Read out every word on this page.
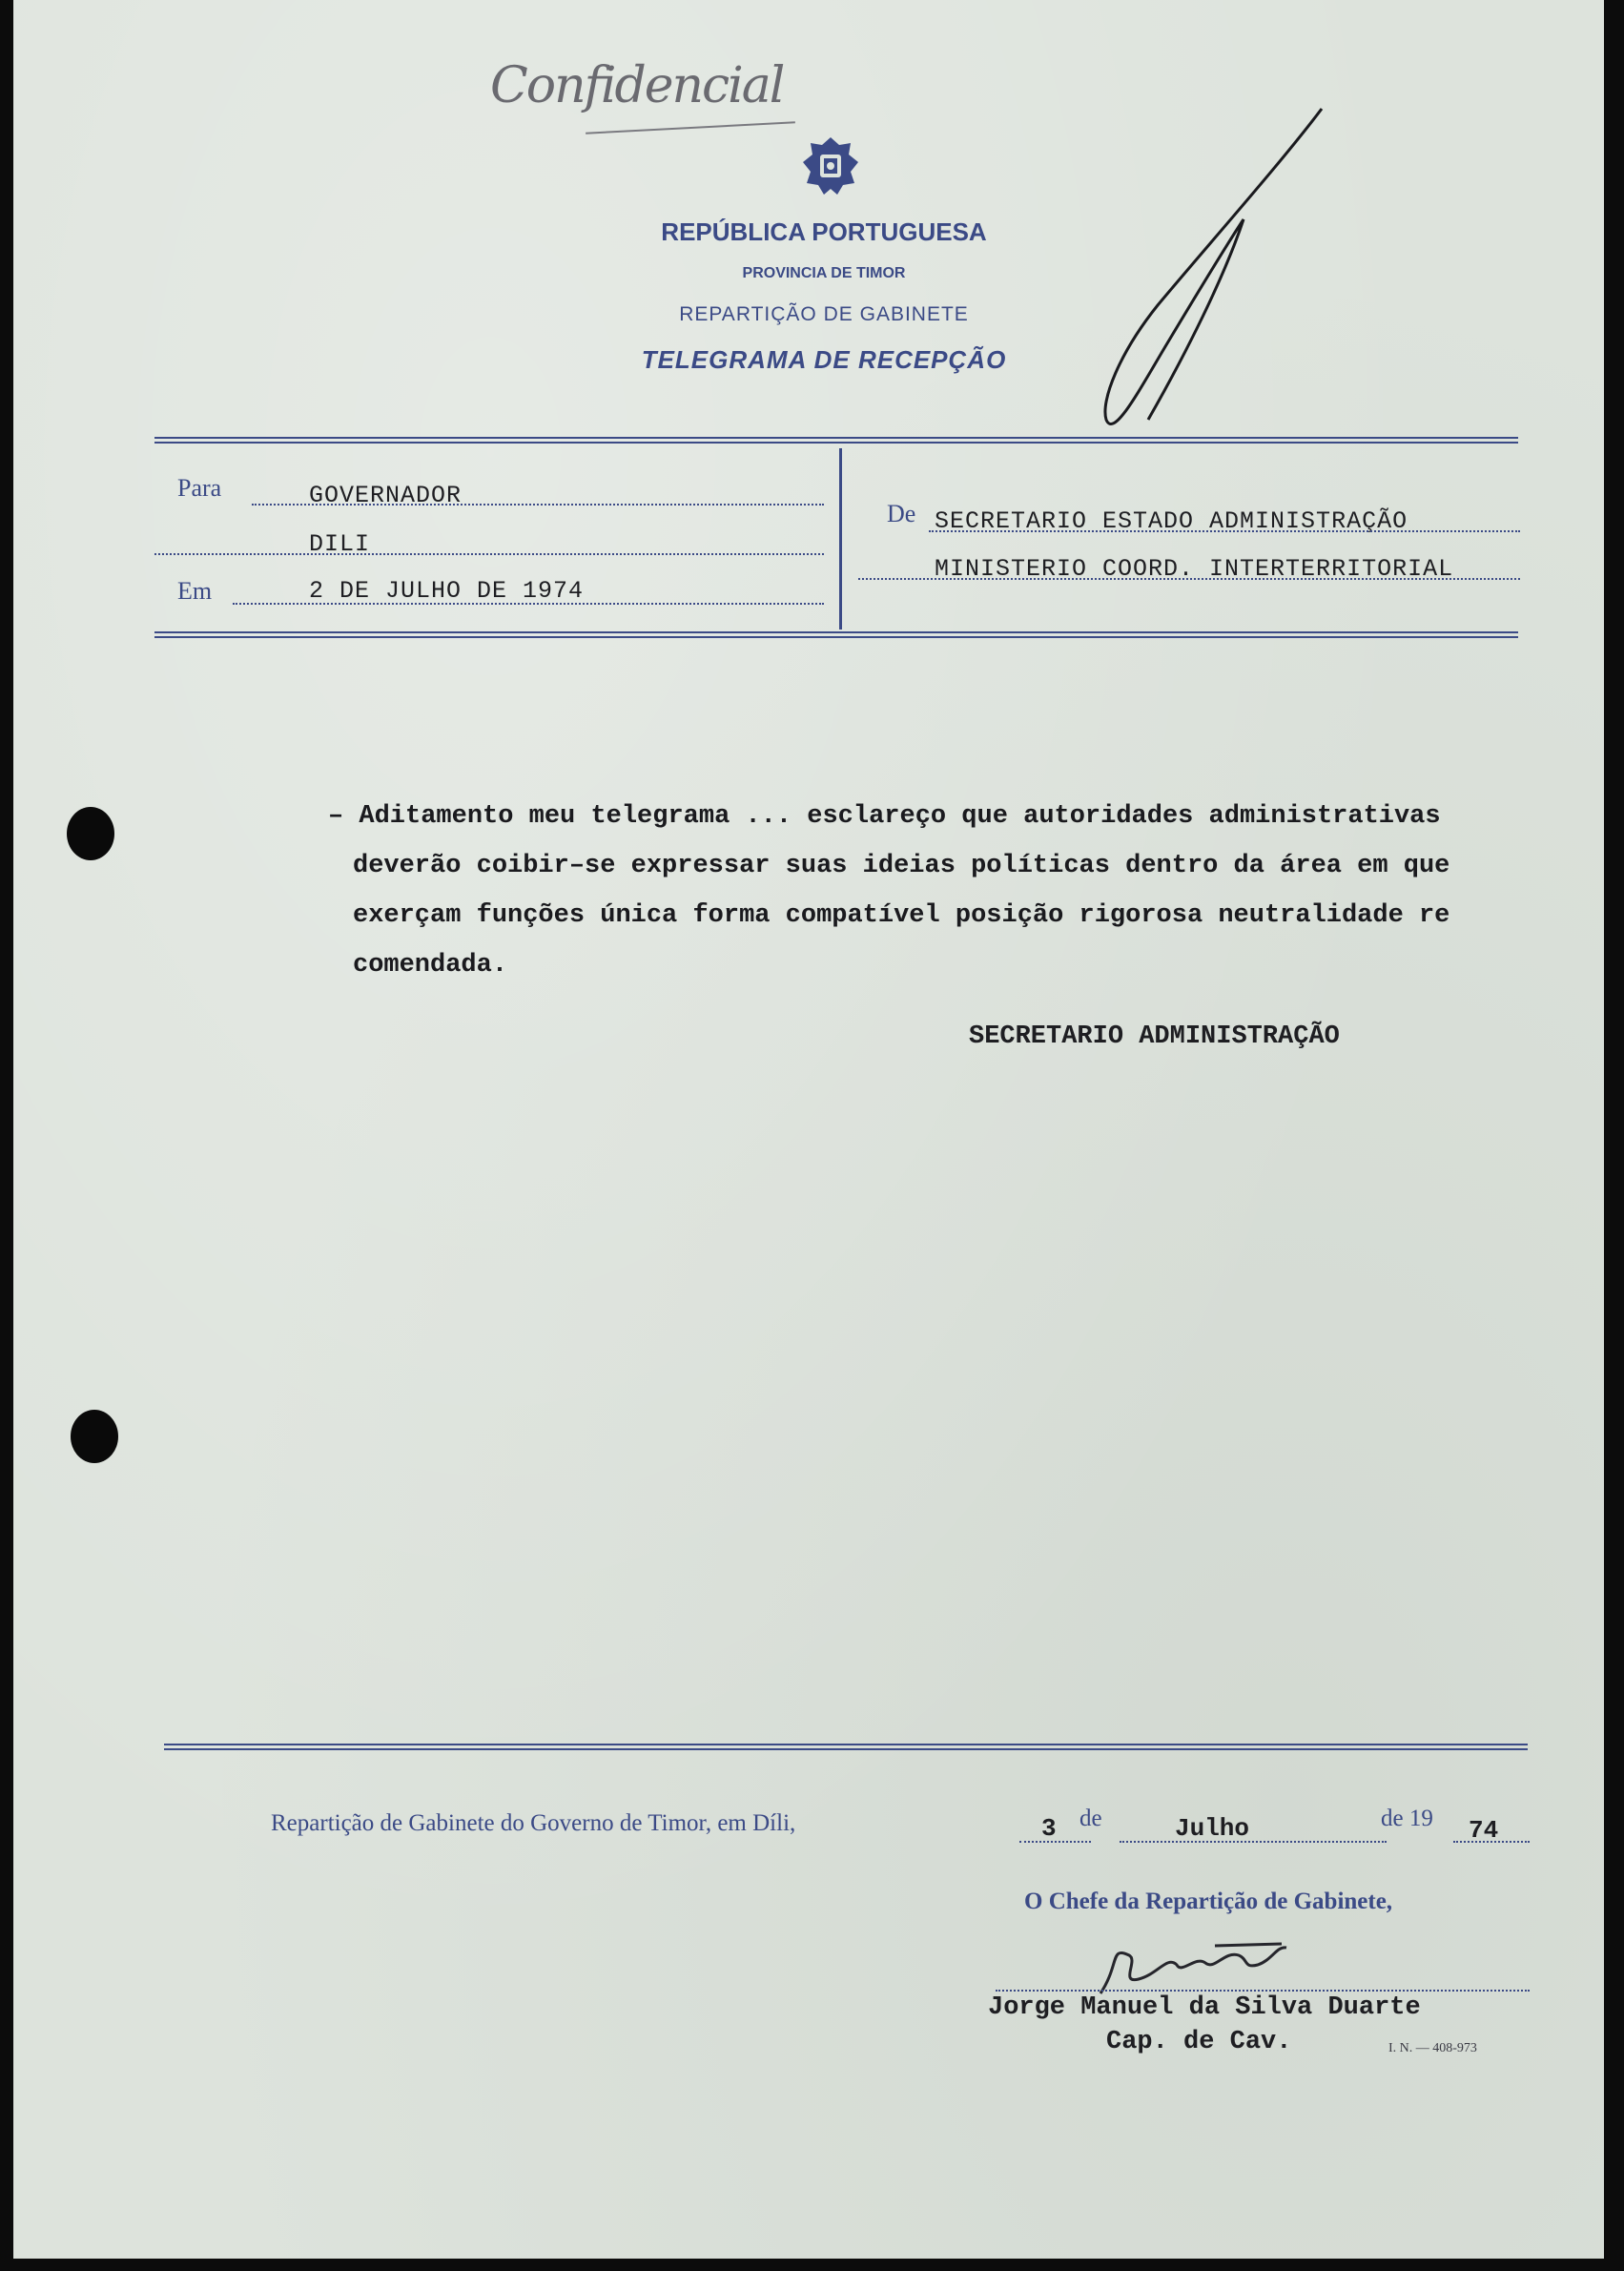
Confidencial
REPÚBLICA PORTUGUESA
PROVINCIA DE TIMOR
REPARTIÇÃO DE GABINETE
TELEGRAMA DE RECEPÇÃO
Para	GOVERNADOR
DILI
Em	2 DE JULHO DE 1974
De SECRETARIO ESTADO ADMINISTRAÇÃO
MINISTERIO COORD. INTERTERRITORIAL
– Aditamento meu telegrama ... esclareço que autoridades administrativas
deverão coibir–se expressar suas ideias políticas dentro da área em que
exerçam funções única forma compatível posição rigorosa neutralidade re
comendada.
SECRETARIO ADMINISTRAÇÃO
Repartição de Gabinete do Governo de Timor, em Díli,	3 de	Julho	de 19 74
O Chefe da Repartição de Gabinete,
Jorge Manuel da Silva Duarte
Cap. de Cav.	I. N. — 408-973
